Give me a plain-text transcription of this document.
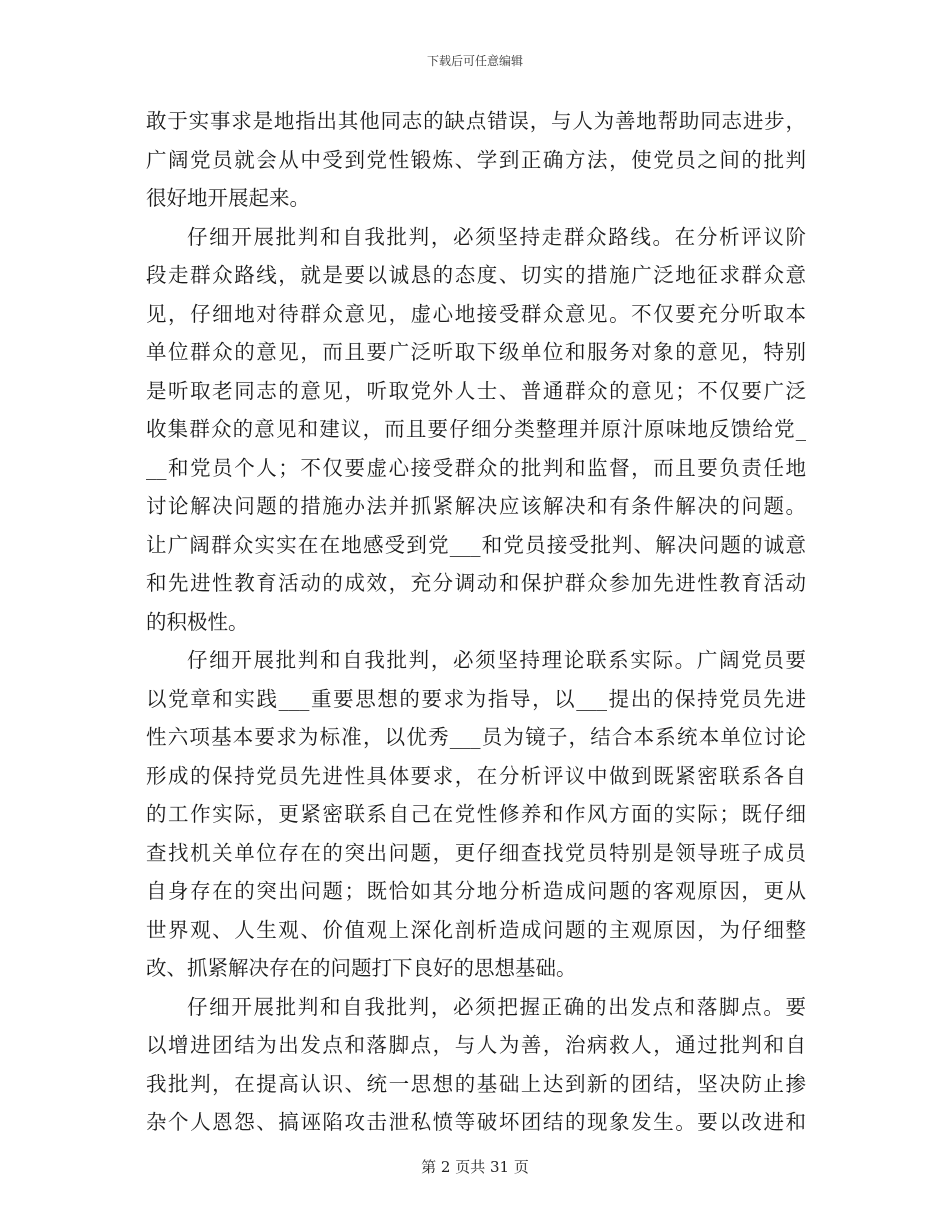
下载后可任意编辑
敢于实事求是地指出其他同志的缺点错误，与人为善地帮助同志进步，
广阔党员就会从中受到党性锻炼、学到正确方法，使党员之间的批判
很好地开展起来。
仔细开展批判和自我批判，必须坚持走群众路线。在分析评议阶
段走群众路线，就是要以诚恳的态度、切实的措施广泛地征求群众意
见，仔细地对待群众意见，虚心地接受群众意见。不仅要充分听取本
单位群众的意见，而且要广泛听取下级单位和服务对象的意见，特别
是听取老同志的意见，听取党外人士、普通群众的意见；不仅要广泛
收集群众的意见和建议，而且要仔细分类整理并原汁原味地反馈给党_
__和党员个人；不仅要虚心接受群众的批判和监督，而且要负责任地
讨论解决问题的措施办法并抓紧解决应该解决和有条件解决的问题。
让广阔群众实实在在地感受到党___和党员接受批判、解决问题的诚意
和先进性教育活动的成效，充分调动和保护群众参加先进性教育活动
的积极性。
仔细开展批判和自我批判，必须坚持理论联系实际。广阔党员要
以党章和实践___重要思想的要求为指导，以___提出的保持党员先进
性六项基本要求为标准，以优秀___员为镜子，结合本系统本单位讨论
形成的保持党员先进性具体要求，在分析评议中做到既紧密联系各自
的工作实际，更紧密联系自己在党性修养和作风方面的实际；既仔细
查找机关单位存在的突出问题，更仔细查找党员特别是领导班子成员
自身存在的突出问题；既恰如其分地分析造成问题的客观原因，更从
世界观、人生观、价值观上深化剖析造成问题的主观原因，为仔细整
改、抓紧解决存在的问题打下良好的思想基础。
仔细开展批判和自我批判，必须把握正确的出发点和落脚点。要
以增进团结为出发点和落脚点，与人为善，治病救人，通过批判和自
我批判，在提高认识、统一思想的基础上达到新的团结，坚决防止掺
杂个人恩怨、搞诬陷攻击泄私愤等破坏团结的现象发生。要以改进和
第 2 页共 31 页
